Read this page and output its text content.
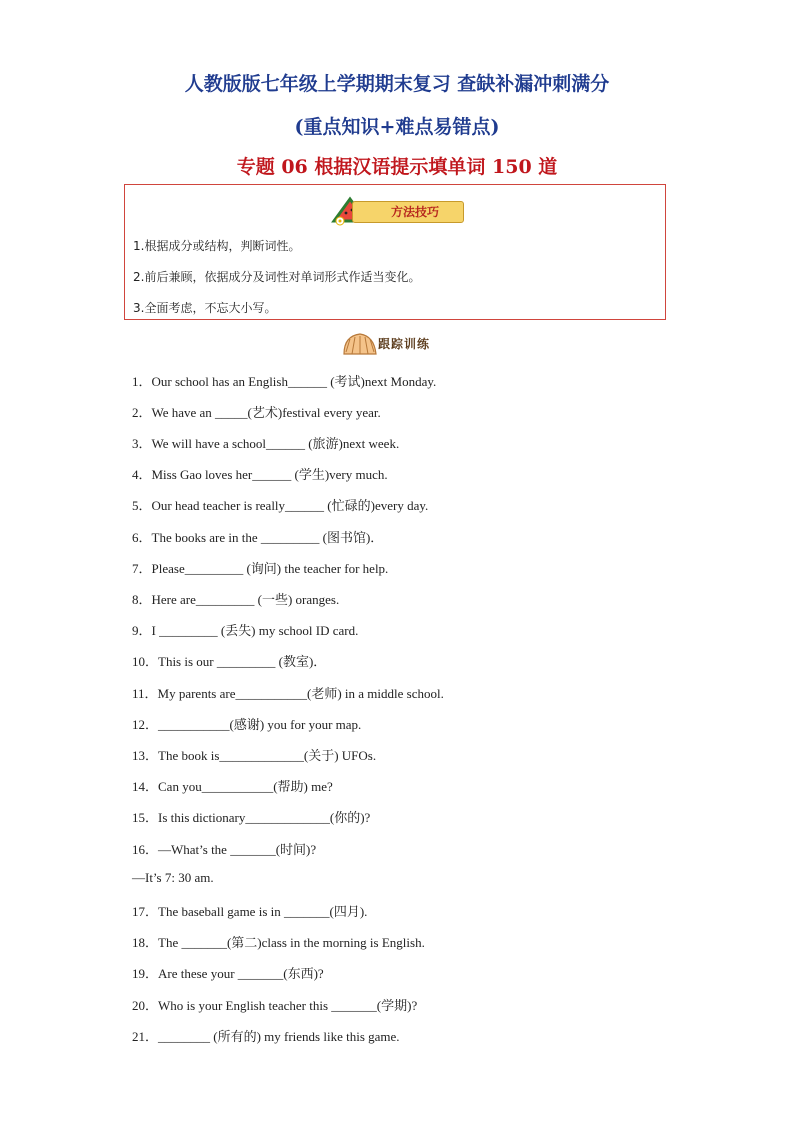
人教版版七年级上学期期末复习 查缺补漏冲刺满分
(重点知识+难点易错点)
专题 06 根据汉语提示填单词 150 道
方法技巧
1.根据成分或结构，判断词性。
2.前后兼顾，依据成分及词性对单词形式作适当变化。
3.全面考虑，不忘大小写。
跟踪训练
1．Our school has an English______ (考试)next Monday.
2．We have an _____(艺术)festival every year.
3．We will have a school______ (旅游)next week.
4．Miss Gao loves her______ (学生)very much.
5．Our head teacher is really______ (忙碌的)every day.
6．The books are in the _________ (图书馆)．
7．Please_________ (询问) the teacher for help.
8．Here are_________ (一些) oranges.
9．I _________ (丢失) my school ID card.
10．This is our _________ (教室)．
11．My parents are___________(老师) in a middle school.
12．___________(感谢) you for your map.
13．The book is_____________(关于) UFOs.
14．Can you___________(帮助) me?
15．Is this dictionary_____________(你的)?
16．—What’s the _______(时间)?
—It’s 7: 30 am.
17．The baseball game is in _______(四月).
18．The _______(第二)class in the morning is English.
19．Are these your _______(东西)?
20．Who is your English teacher this _______(学期)?
21．________ (所有的) my friends like this game.
